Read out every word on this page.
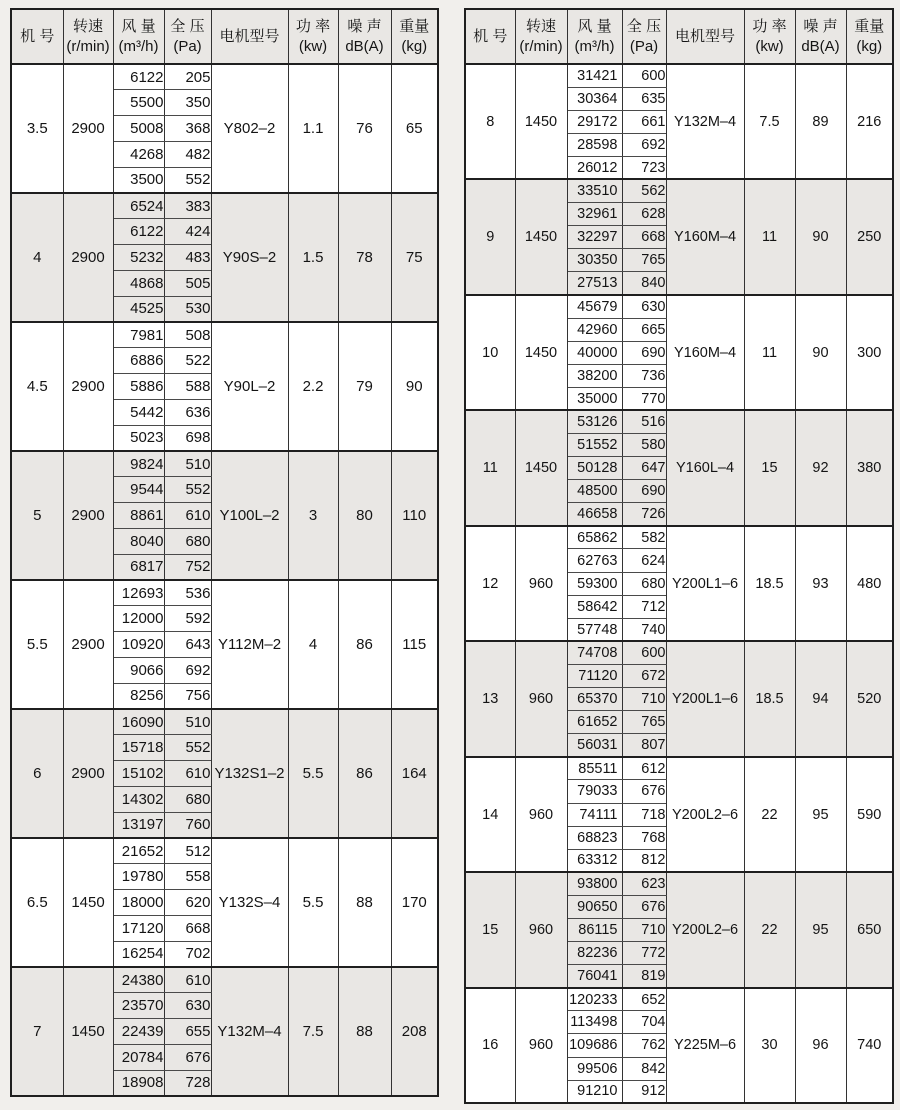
机 号

转速
(r/min)

风 量
(m³/h)

全 压
(Pa)

电机型号

功 率
(kw)

噪 声
dB(A)

重量
(kg)

3.5	2900	6122	205	Y802–2	1.1	76	65
		5500	350				
		5008	368				
		4268	482				
		3500	552				
4	2900	6524	383	Y90S–2	1.5	78	75
		6122	424				
		5232	483				
		4868	505				
		4525	530				
4.5	2900	7981	508	Y90L–2	2.2	79	90
		6886	522				
		5886	588				
		5442	636				
		5023	698				
5	2900	9824	510	Y100L–2	3	80	110
		9544	552				
		8861	610				
		8040	680				
		6817	752				
5.5	2900	12693	536	Y112M–2	4	86	115
		12000	592				
		10920	643				
		9066	692				
		8256	756				
6	2900	16090	510	Y132S1–2	5.5	86	164
		15718	552				
		15102	610				
		14302	680				
		13197	760				
6.5	1450	21652	512	Y132S–4	5.5	88	170
		19780	558				
		18000	620				
		17120	668				
		16254	702				
7	1450	24380	610	Y132M–4	7.5	88	208
		23570	630				
		22439	655				
		20784	676				
		18908	728				
机 号

转速
(r/min)

风 量
(m³/h)

全 压
(Pa)

电机型号

功 率
(kw)

噪 声
dB(A)

重量
(kg)

8	1450	31421	600	Y132M–4	7.5	89	216
		30364	635				
		29172	661				
		28598	692				
		26012	723				
9	1450	33510	562	Y160M–4	11	90	250
		32961	628				
		32297	668				
		30350	765				
		27513	840				
10	1450	45679	630	Y160M–4	11	90	300
		42960	665				
		40000	690				
		38200	736				
		35000	770				
11	1450	53126	516	Y160L–4	15	92	380
		51552	580				
		50128	647				
		48500	690				
		46658	726				
12	960	65862	582	Y200L1–6	18.5	93	480
		62763	624				
		59300	680				
		58642	712				
		57748	740				
13	960	74708	600	Y200L1–6	18.5	94	520
		71120	672				
		65370	710				
		61652	765				
		56031	807				
14	960	85511	612	Y200L2–6	22	95	590
		79033	676				
		74111	718				
		68823	768				
		63312	812				
15	960	93800	623	Y200L2–6	22	95	650
		90650	676				
		86115	710				
		82236	772				
		76041	819				
16	960	120233	652	Y225M–6	30	96	740
		113498	704				
		109686	762				
		99506	842				
		91210	912				
